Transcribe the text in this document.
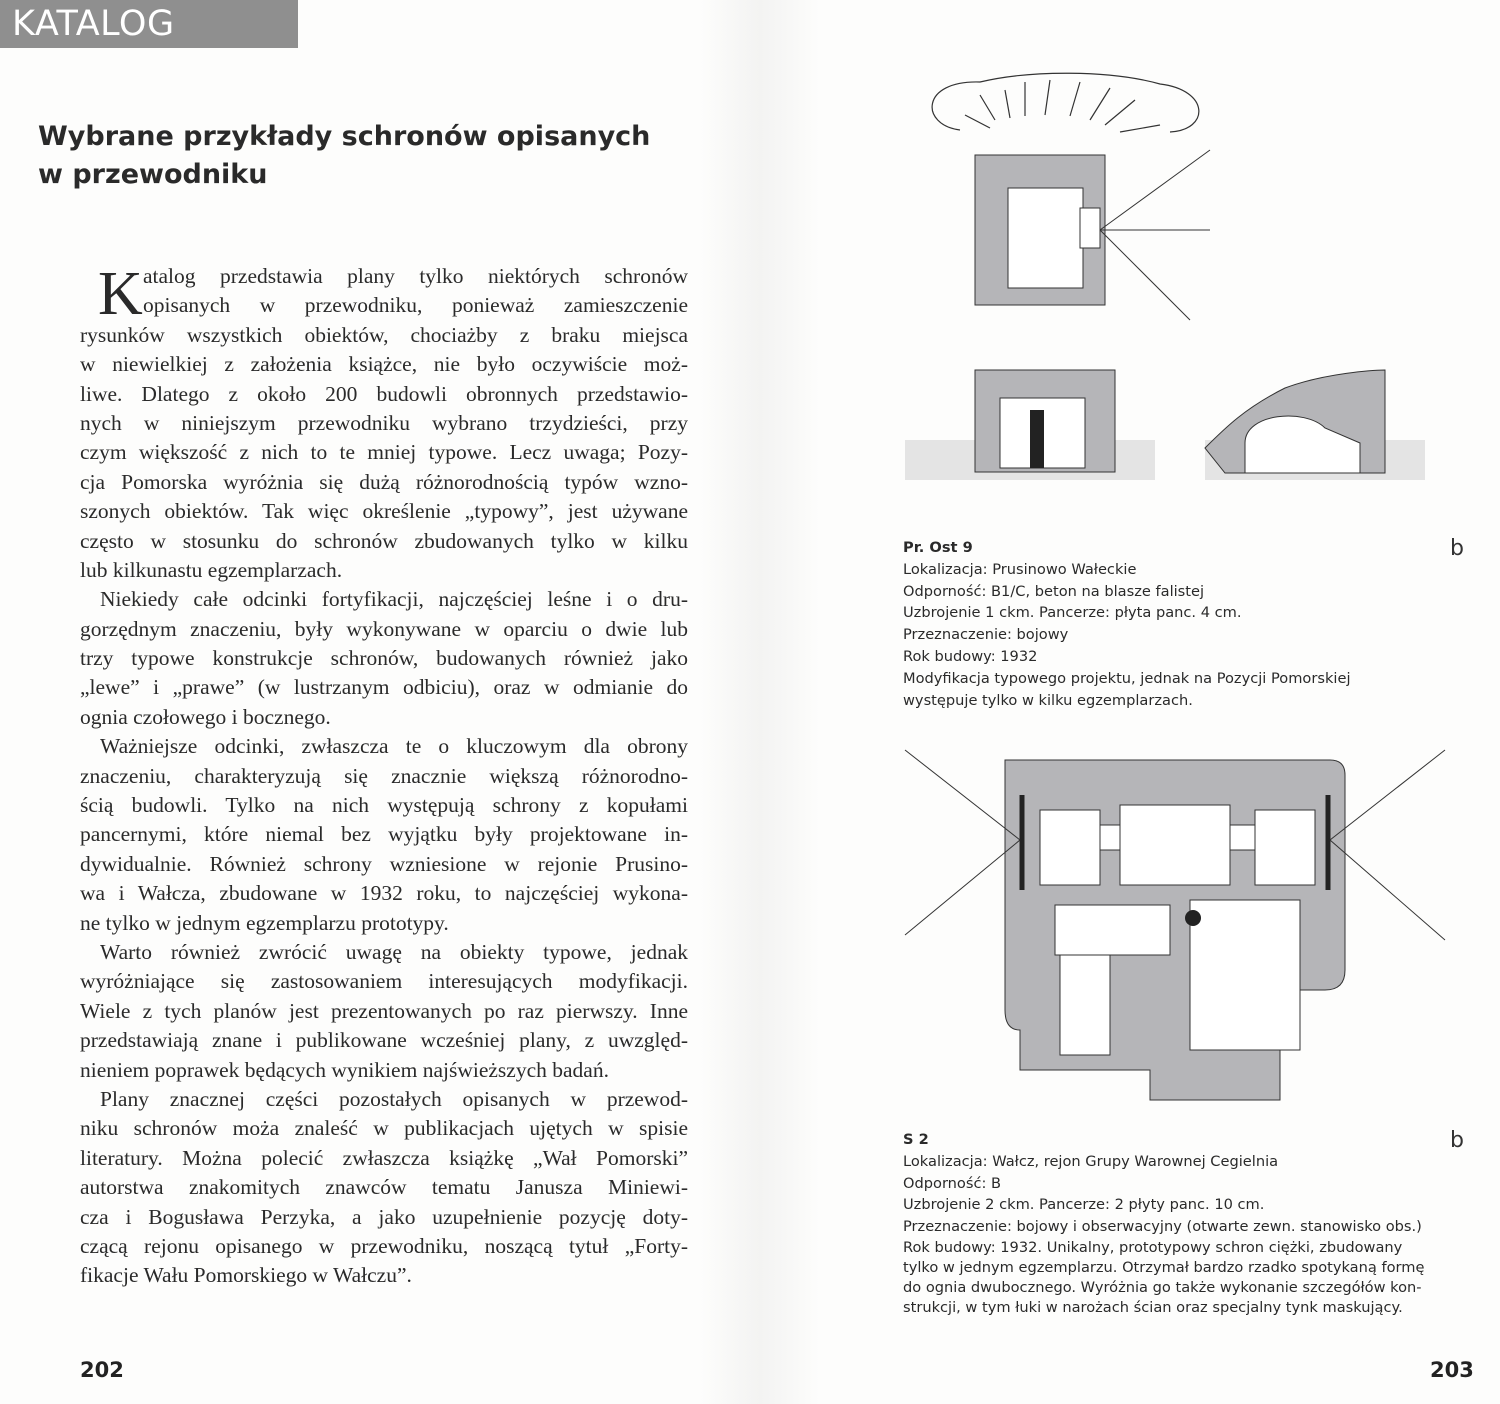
KATALOG
Wybrane przykłady schronów opisanych
w przewodniku
K atalog przedstawia plany tylko niektórych schronów
opisanych w przewodniku, ponieważ zamieszczenie
rysunków wszystkich obiektów, chociażby z braku miejsca
w niewielkiej z założenia książce, nie było oczywiście moż-
liwe. Dlatego z około 200 budowli obronnych przedstawio-
nych w niniejszym przewodniku wybrano trzydzieści, przy
czym większość z nich to te mniej typowe. Lecz uwaga; Pozy-
cja Pomorska wyróżnia się dużą różnorodnością typów wzno-
szonych obiektów. Tak więc określenie „typowy”, jest używane
często w stosunku do schronów zbudowanych tylko w kilku
lub kilkunastu egzemplarzach.
Niekiedy całe odcinki fortyfikacji, najczęściej leśne i o dru-
gorzędnym znaczeniu, były wykonywane w oparciu o dwie lub
trzy typowe konstrukcje schronów, budowanych również jako
„lewe” i „prawe” (w lustrzanym odbiciu), oraz w odmianie do
ognia czołowego i bocznego.
Ważniejsze odcinki, zwłaszcza te o kluczowym dla obrony
znaczeniu, charakteryzują się znacznie większą różnorodno-
ścią budowli. Tylko na nich występują schrony z kopułami
pancernymi, które niemal bez wyjątku były projektowane in-
dywidualnie. Również schrony wzniesione w rejonie Prusino-
wa i Wałcza, zbudowane w 1932 roku, to najczęściej wykona-
ne tylko w jednym egzemplarzu prototypy.
Warto również zwrócić uwagę na obiekty typowe, jednak
wyróżniające się zastosowaniem interesujących modyfikacji.
Wiele z tych planów jest prezentowanych po raz pierwszy. Inne
przedstawiają znane i publikowane wcześniej plany, z uwzględ-
nieniem poprawek będących wynikiem najświeższych badań.
Plany znacznej części pozostałych opisanych w przewod-
niku schronów moża znaleść w publikacjach ujętych w spisie
literatury. Można polecić zwłaszcza książkę „Wał Pomorski”
autorstwa znakomitych znawców tematu Janusza Miniewi-
cza i Bogusława Perzyka, a jako uzupełnienie pozycję doty-
czącą rejonu opisanego w przewodniku, noszącą tytuł „Forty-
fikacje Wału Pomorskiego w Wałczu”.
202	203
Pr. Ost 9
Lokalizacja: Prusinowo Wałeckie
Odporność: B1/C, beton na blasze falistej
Uzbrojenie 1 ckm. Pancerze: płyta panc. 4 cm.
Przeznaczenie: bojowy
Rok budowy: 1932
Modyfikacja typowego projektu, jednak na Pozycji Pomorskiej
występuje tylko w kilku egzemplarzach.
b
S 2
Lokalizacja: Wałcz, rejon Grupy Warownej Cegielnia
Odporność: B
Uzbrojenie 2 ckm. Pancerze: 2 płyty panc. 10 cm.
Przeznaczenie: bojowy i obserwacyjny (otwarte zewn. stanowisko obs.)
Rok budowy: 1932. Unikalny, prototypowy schron ciężki, zbudowany
tylko w jednym egzemplarzu. Otrzymał bardzo rzadko spotykaną formę
do ognia dwubocznego. Wyróżnia go także wykonanie szczegółów kon-
strukcji, w tym łuki w narożach ścian oraz specjalny tynk maskujący.
b
